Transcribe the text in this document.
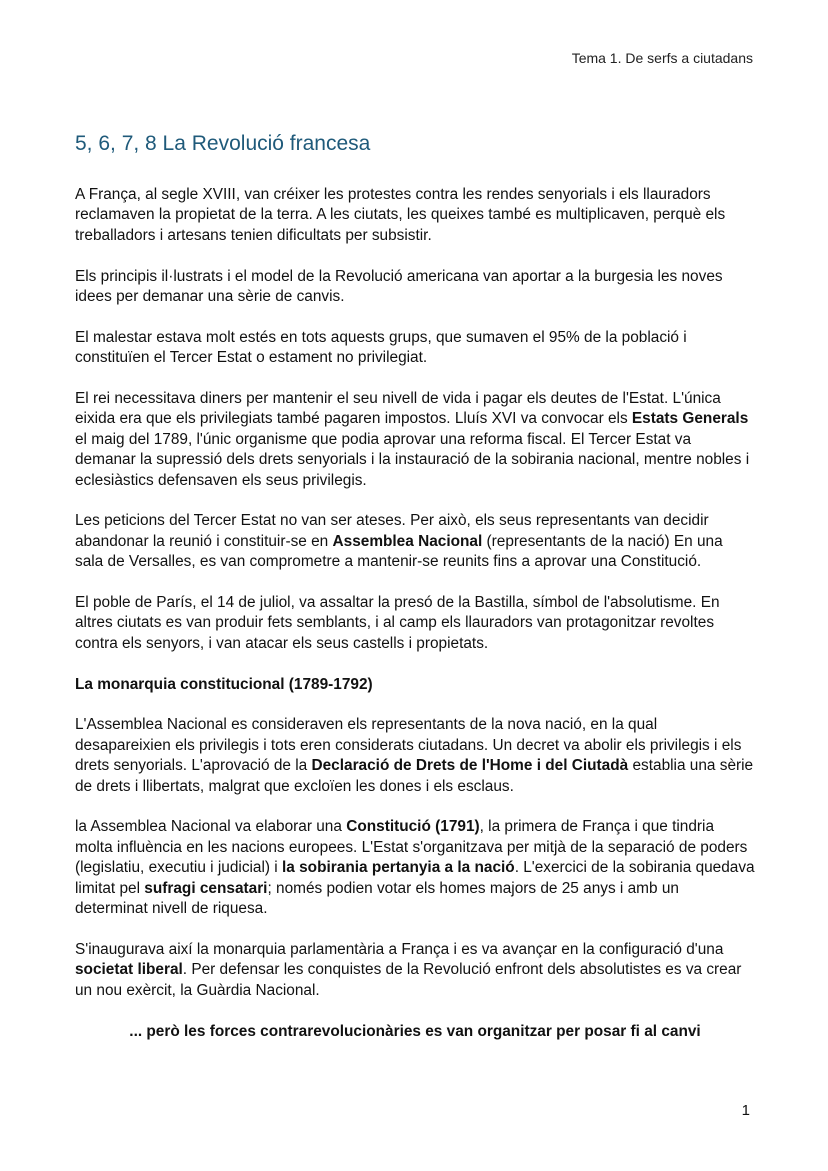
Tema 1. De serfs a ciutadans
5, 6, 7, 8 La Revolució francesa

A França, al segle XVIII, van créixer les protestes contra les rendes senyorials i els llauradors reclamaven la propietat de la terra. A les ciutats, les queixes també es multiplicaven, perquè els treballadors i artesans tenien dificultats per subsistir.

Els principis il·lustrats i el model de la Revolució americana van aportar a la burgesia les noves idees per demanar una sèrie de canvis.

El malestar estava molt estés en tots aquests grups, que sumaven el 95% de la població i constituïen el Tercer Estat o estament no privilegiat.

El rei necessitava diners per mantenir el seu nivell de vida i pagar els deutes de l'Estat. L'única eixida era que els privilegiats també pagaren impostos. Lluís XVI va convocar els Estats Generals el maig del 1789, l'únic organisme que podia aprovar una reforma fiscal. El Tercer Estat va demanar la supressió dels drets senyorials i la instauració de la sobirania nacional, mentre nobles i eclesiàstics defensaven els seus privilegis.

Les peticions del Tercer Estat no van ser ateses. Per això, els seus representants van decidir abandonar la reunió i constituir-se en Assemblea Nacional (representants de la nació) En una sala de Versalles, es van comprometre a mantenir-se reunits fins a aprovar una Constitució.

El poble de París, el 14 de juliol, va assaltar la presó de la Bastilla, símbol de l'absolutisme. En altres ciutats es van produir fets semblants, i al camp els llauradors van protagonitzar revoltes contra els senyors, i van atacar els seus castells i propietats.

La monarquia constitucional (1789-1792)

L'Assemblea Nacional es consideraven els representants de la nova nació, en la qual desapareixien els privilegis i tots eren considerats ciutadans. Un decret va abolir els privilegis i els drets senyorials. L'aprovació de la Declaració de Drets de l'Home i del Ciutadà establia una sèrie de drets i llibertats, malgrat que excloïen les dones i els esclaus.

la Assemblea Nacional va elaborar una Constitució (1791), la primera de França i que tindria molta influència en les nacions europees. L'Estat s'organitzava per mitjà de la separació de poders (legislatiu, executiu i judicial) i la sobirania pertanyia a la nació. L'exercici de la sobirania quedava limitat pel sufragi censatari; només podien votar els homes majors de 25 anys i amb un determinat nivell de riquesa.

S'inaugurava així la monarquia parlamentària a França i es va avançar en la configuració d'una societat liberal. Per defensar les conquistes de la Revolució enfront dels absolutistes es va crear un nou exèrcit, la Guàrdia Nacional.

... però les forces contrarevolucionàries es van organitzar per posar fi al canvi

1
